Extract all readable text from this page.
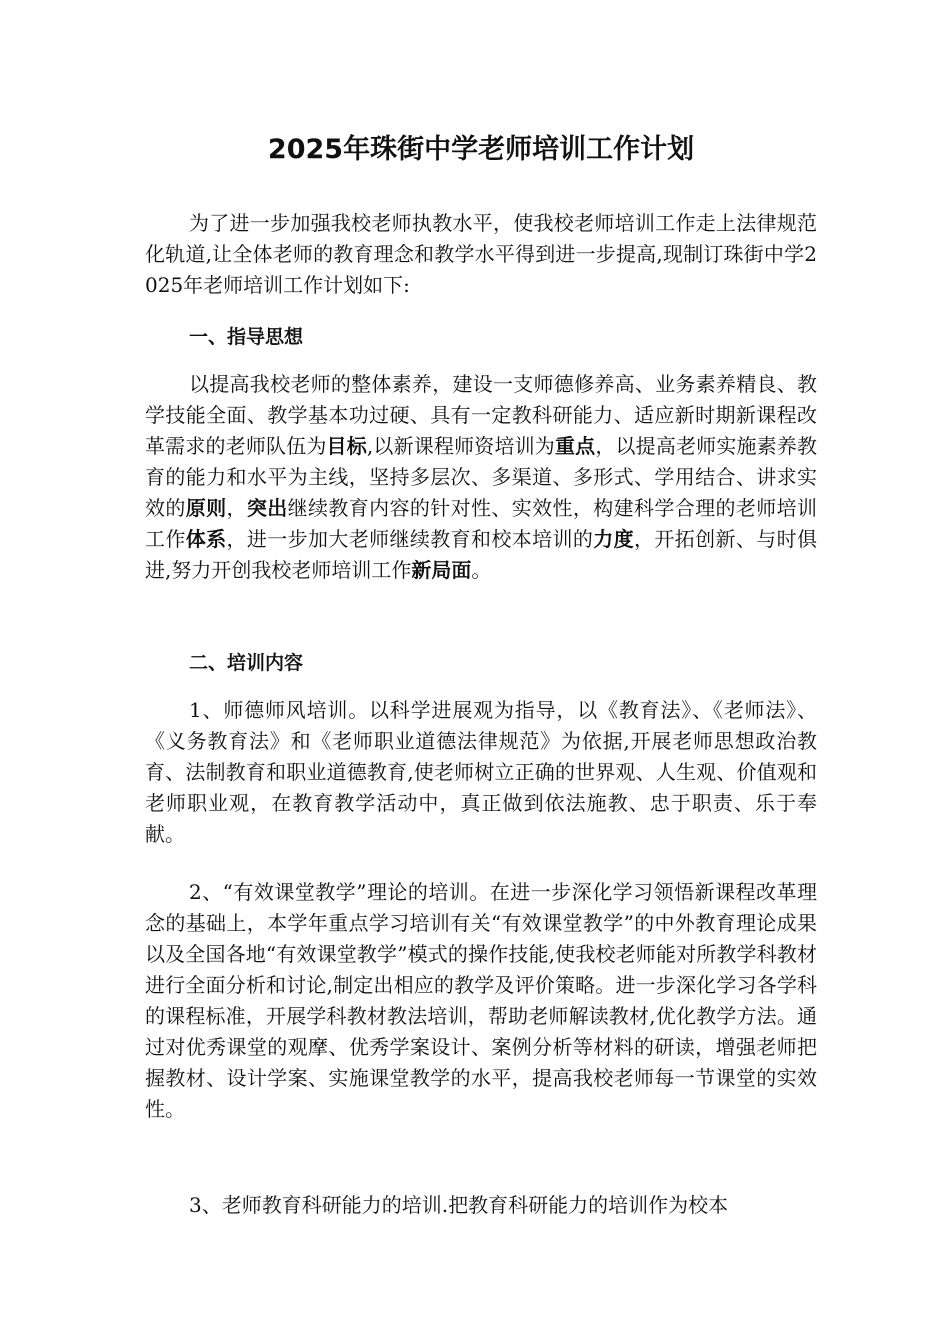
2025年珠街中学老师培训工作计划

为了进一步加强我校老师执教水平，使我校老师培训工作走上法律规范化轨道,让全体老师的教育理念和教学水平得到进一步提高,现制订珠街中学2025年老师培训工作计划如下:

一、指导思想

以提高我校老师的整体素养，建设一支师德修养高、业务素养精良、教学技能全面、教学基本功过硬、具有一定教科研能力、适应新时期新课程改革需求的老师队伍为目标,以新课程师资培训为重点，以提高老师实施素养教育的能力和水平为主线，坚持多层次、多渠道、多形式、学用结合、讲求实效的原则，突出继续教育内容的针对性、实效性，构建科学合理的老师培训工作体系，进一步加大老师继续教育和校本培训的力度，开拓创新、与时俱进,努力开创我校老师培训工作新局面。

二、培训内容

1、师德师风培训。以科学进展观为指导，以《教育法》、《老师法》、《义务教育法》和《老师职业道德法律规范》为依据,开展老师思想政治教育、法制教育和职业道德教育,使老师树立正确的世界观、人生观、价值观和老师职业观，在教育教学活动中，真正做到依法施教、忠于职责、乐于奉献。

2、“有效课堂教学”理论的培训。在进一步深化学习领悟新课程改革理念的基础上，本学年重点学习培训有关“有效课堂教学”的中外教育理论成果以及全国各地“有效课堂教学”模式的操作技能,使我校老师能对所教学科教材进行全面分析和讨论,制定出相应的教学及评价策略。进一步深化学习各学科的课程标准，开展学科教材教法培训，帮助老师解读教材,优化教学方法。通过对优秀课堂的观摩、优秀学案设计、案例分析等材料的研读，增强老师把握教材、设计学案、实施课堂教学的水平，提高我校老师每一节课堂的实效性。

3、老师教育科研能力的培训.把教育科研能力的培训作为校本
